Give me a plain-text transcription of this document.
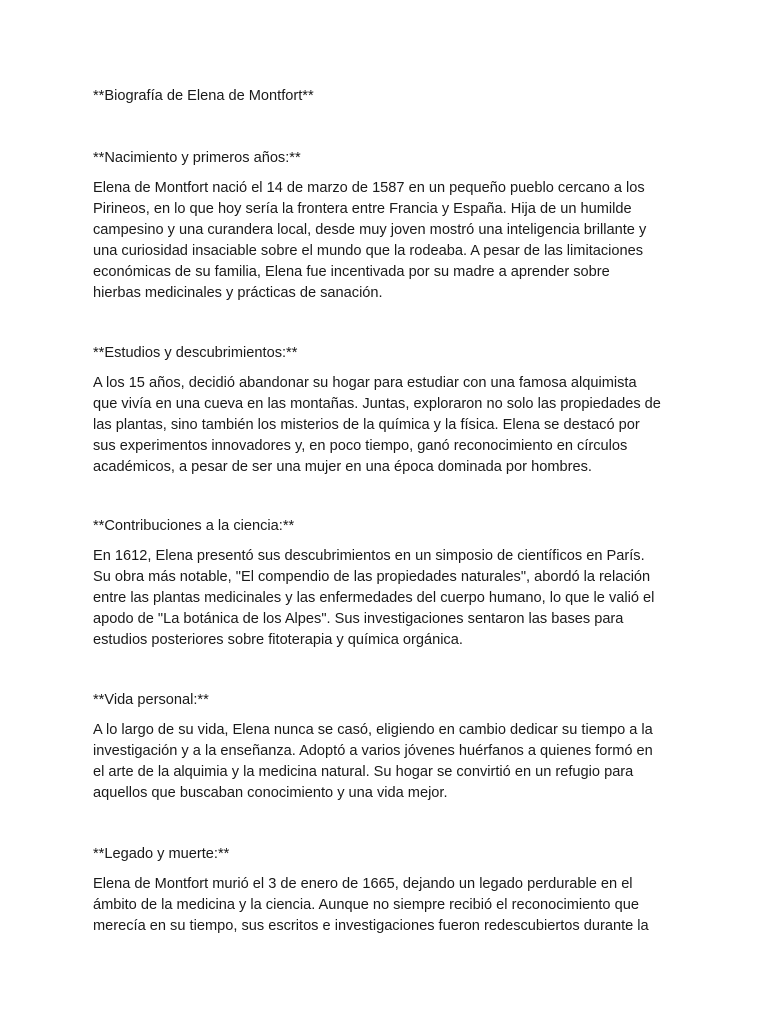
**Biografía de Elena de Montfort**

**Nacimiento y primeros años:**

Elena de Montfort nació el 14 de marzo de 1587 en un pequeño pueblo cercano a los
Pirineos, en lo que hoy sería la frontera entre Francia y España. Hija de un humilde
campesino y una curandera local, desde muy joven mostró una inteligencia brillante y
una curiosidad insaciable sobre el mundo que la rodeaba. A pesar de las limitaciones
económicas de su familia, Elena fue incentivada por su madre a aprender sobre
hierbas medicinales y prácticas de sanación.

**Estudios y descubrimientos:**

A los 15 años, decidió abandonar su hogar para estudiar con una famosa alquimista
que vivía en una cueva en las montañas. Juntas, exploraron no solo las propiedades de
las plantas, sino también los misterios de la química y la física. Elena se destacó por
sus experimentos innovadores y, en poco tiempo, ganó reconocimiento en círculos
académicos, a pesar de ser una mujer en una época dominada por hombres.

**Contribuciones a la ciencia:**

En 1612, Elena presentó sus descubrimientos en un simposio de científicos en París.
Su obra más notable, "El compendio de las propiedades naturales", abordó la relación
entre las plantas medicinales y las enfermedades del cuerpo humano, lo que le valió el
apodo de "La botánica de los Alpes". Sus investigaciones sentaron las bases para
estudios posteriores sobre fitoterapia y química orgánica.

**Vida personal:**

A lo largo de su vida, Elena nunca se casó, eligiendo en cambio dedicar su tiempo a la
investigación y a la enseñanza. Adoptó a varios jóvenes huérfanos a quienes formó en
el arte de la alquimia y la medicina natural. Su hogar se convirtió en un refugio para
aquellos que buscaban conocimiento y una vida mejor.

**Legado y muerte:**

Elena de Montfort murió el 3 de enero de 1665, dejando un legado perdurable en el
ámbito de la medicina y la ciencia. Aunque no siempre recibió el reconocimiento que
merecía en su tiempo, sus escritos e investigaciones fueron redescubiertos durante la
